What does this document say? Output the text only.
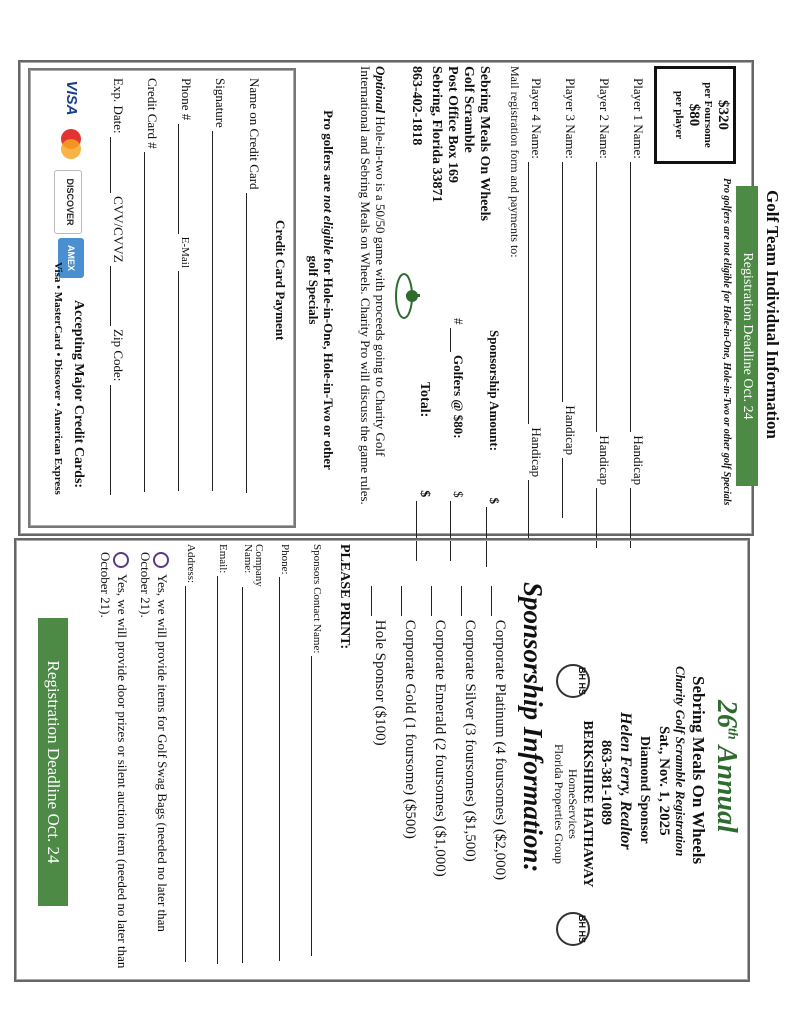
Golf Team Individual Information
Registration Deadline Oct. 24
Pro golfers are not eligible for Hole-in-One, Hole-in-Two or other golf Specials
$320
per Foursome
$80
per player
Player 1 Name:  Handicap
Player 2 Name:  Handicap
Player 3 Name:  Handicap
Player 4 Name:  Handicap
Mail registration form and payments to:
Sebring Meals On Wheels
Golf Scramble
Post Office Box 169
Sebring, Florida 33871
863-402-1818
Sponsorship Amount:  $
#  Golfers @ $80:  $
Total:  $
Optional Hole-in-two is a 50/50 game with proceeds going to Charity Golf International and Sebring Meals on Wheels. Charity Pro will discuss the game rules.
Pro golfers are not eligible for Hole-in-One, Hole-in-Two or other golf Specials
Credit Card Payment
Name on Credit Card
Signature
Phone #  E-Mail
Credit Card #
Exp. Date:  CVV/CVVZ  Zip Code:
VISA
DISCOVER
AMEX
Accepting Major Credit Cards:
Visa • MasterCard • Discover • American Express
26th Annual
Sebring Meals On Wheels
Charity Golf Scramble Registration
Sat., Nov. 1, 2025
Diamond Sponsor
Helen Ferry, Realtor
863-381-1089
BH HS
BERKSHIRE HATHAWAY
HomeServices
Florida Properties Group
BH HS
Sponsorship Information:
Corporate Platinum (4 foursomes) ($2,000)
Corporate Silver (3 foursomes) ($1,500)
Corporate Emerald (2 foursomes) ($1,000)
Corporate Gold (1 foursome) ($500)
Hole Sponsor ($100)
PLEASE PRINT:
Sponsors Contact Name:
Phone:
Company Name:
Email:
Address:
Yes, we will provide items for Golf Swag Bags (needed no later than October 21).
Yes, we will provide door prizes or silent auction item (needed no later than October 21).
Registration Deadline Oct. 24
